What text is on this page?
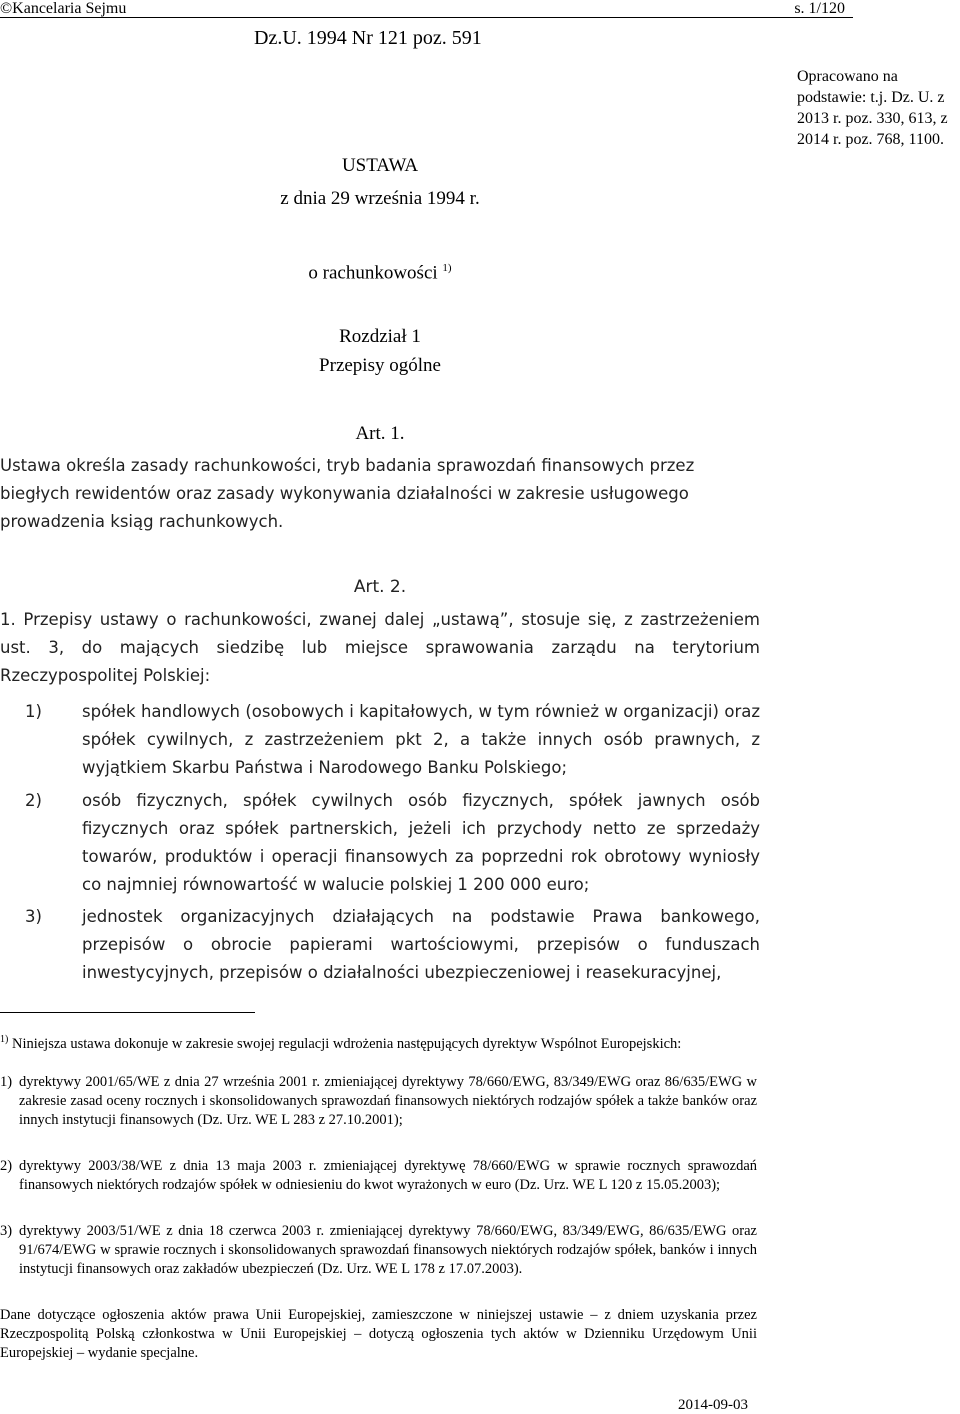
©Kancelaria Sejmu	s. 1/120
Dz.U. 1994 Nr 121 poz. 591
Opracowano na podstawie: t.j. Dz. U. z 2013 r. poz. 330, 613, z 2014 r. poz. 768, 1100.
USTAWA
z dnia 29 września 1994 r.
o rachunkowości $^{1)}$
Rozdział 1
Przepisy ogólne
Art. 1.
Ustawa określa zasady rachunkowości, tryb badania sprawozdań finansowych przez biegłych rewidentów oraz zasady wykonywania działalności w zakresie usługowego prowadzenia ksiąg rachunkowych.
Art. 2.
1. Przepisy ustawy o rachunkowości, zwanej dalej „ustawą”, stosuje się, z zastrzeżeniem ust. 3, do mających siedzibę lub miejsce sprawowania zarządu na terytorium Rzeczypospolitej Polskiej:
1) spółek handlowych (osobowych i kapitałowych, w tym również w organizacji) oraz spółek cywilnych, z zastrzeżeniem pkt 2, a także innych osób prawnych, z wyjątkiem Skarbu Państwa i Narodowego Banku Polskiego;
2) osób fizycznych, spółek cywilnych osób fizycznych, spółek jawnych osób fizycznych oraz spółek partnerskich, jeżeli ich przychody netto ze sprzedaży towarów, produktów i operacji finansowych za poprzedni rok obrotowy wyniosły co najmniej równowartość w walucie polskiej 1 200 000 euro;
3) jednostek organizacyjnych działających na podstawie Prawa bankowego, przepisów o obrocie papierami wartościowymi, przepisów o funduszach inwestycyjnych, przepisów o działalności ubezpieczeniowej i reasekuracyjnej,
$^{1)}$ Niniejsza ustawa dokonuje w zakresie swojej regulacji wdrożenia następujących dyrektyw Wspólnot Europejskich:
1) dyrektywy 2001/65/WE z dnia 27 września 2001 r. zmieniającej dyrektywy 78/660/EWG, 83/349/EWG oraz 86/635/EWG w zakresie zasad oceny rocznych i skonsolidowanych sprawozdań finansowych niektórych rodzajów spółek a także banków oraz innych instytucji finansowych (Dz. Urz. WE L 283 z 27.10.2001);
2) dyrektywy 2003/38/WE z dnia 13 maja 2003 r. zmieniającej dyrektywę 78/660/EWG w sprawie rocznych sprawozdań finansowych niektórych rodzajów spółek w odniesieniu do kwot wyrażonych w euro (Dz. Urz. WE L 120 z 15.05.2003);
3) dyrektywy 2003/51/WE z dnia 18 czerwca 2003 r. zmieniającej dyrektywy 78/660/EWG, 83/349/EWG, 86/635/EWG oraz 91/674/EWG w sprawie rocznych i skonsolidowanych sprawozdań finansowych niektórych rodzajów spółek, banków i innych instytucji finansowych oraz zakładów ubezpieczeń (Dz. Urz. WE L 178 z 17.07.2003).
Dane dotyczące ogłoszenia aktów prawa Unii Europejskiej, zamieszczone w niniejszej ustawie – z dniem uzyskania przez Rzeczpospolitą Polską członkostwa w Unii Europejskiej – dotyczą ogłoszenia tych aktów w Dzienniku Urzędowym Unii Europejskiej – wydanie specjalne.
2014-09-03
